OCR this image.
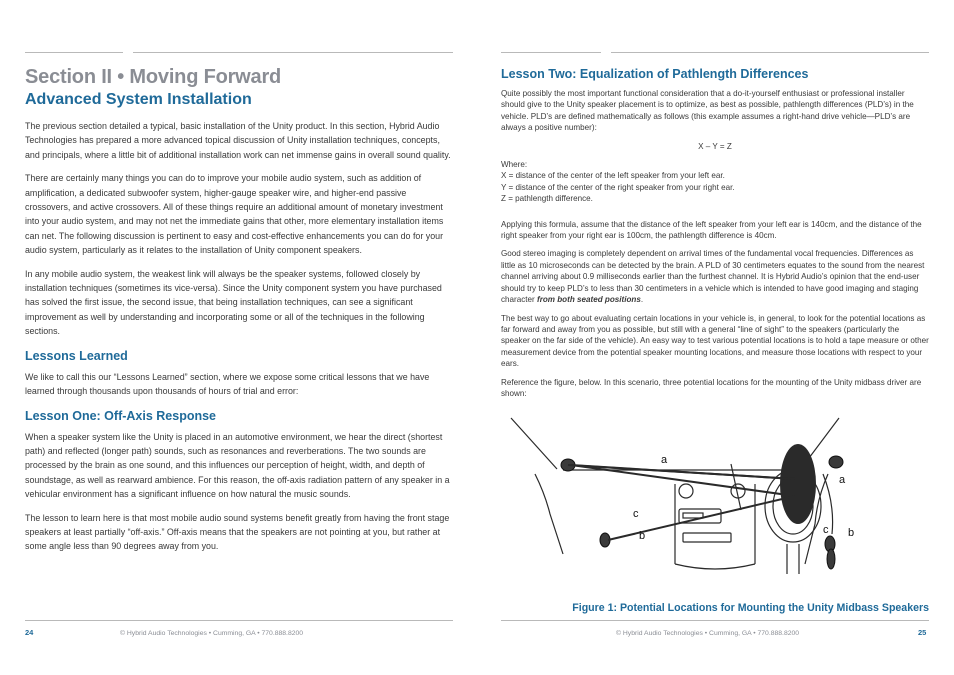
Section II • Moving Forward
Advanced System Installation

The previous section detailed a typical, basic installation of the Unity product. In this section, Hybrid Audio Technologies has prepared a more advanced topical discussion of Unity installation techniques, concepts, and principals, where a little bit of additional installation work can net immense gains in overall sound quality.

There are certainly many things you can do to improve your mobile audio system, such as addition of amplification, a dedicated subwoofer system, higher-gauge speaker wire, and higher-end passive crossovers, and active crossovers. All of these things require an additional amount of monetary investment into your audio system, and may not net the immediate gains that other, more elementary installation items can net. The following discussion is pertinent to easy and cost-effective enhancements you can do for your audio system, particularly as it relates to the installation of Unity component speakers.

In any mobile audio system, the weakest link will always be the speaker systems, followed closely by installation techniques (sometimes its vice-versa). Since the Unity component system you have purchased has solved the first issue, the second issue, that being installation techniques, can see a significant improvement as well by understanding and incorporating some or all of the techniques in the following sections.

Lessons Learned

We like to call this our “Lessons Learned” section, where we expose some critical lessons that we have learned through thousands upon thousands of hours of trial and error:

Lesson One: Off-Axis Response

When a speaker system like the Unity is placed in an automotive environment, we hear the direct (shortest path) and reflected (longer path) sounds, such as resonances and reverberations. The two sounds are processed by the brain as one sound, and this influences our perception of height, width, and depth of soundstage, as well as rearward ambience. For this reason, the off-axis radiation pattern of any speaker in a vehicular environment has a significant influence on how natural the music sounds.

The lesson to learn here is that most mobile audio sound systems benefit greatly from having the front stage speakers at least partially “off-axis.” Off-axis means that the speakers are not pointing at you, but rather at some angle less than 90 degrees away from you.

Lesson Two: Equalization of Pathlength Differences

Quite possibly the most important functional consideration that a do-it-yourself enthusiast or professional installer should give to the Unity speaker placement is to optimize, as best as possible, pathlength differences (PLD’s) in the vehicle. PLD’s are defined mathematically as follows (this example assumes a right-hand drive vehicle—PLD’s are always a positive number):

X – Y = Z

Where:

X = distance of the center of the left speaker from your left ear.

Y = distance of the center of the right speaker from your right ear.

Z = pathlength difference.

Applying this formula, assume that the distance of the left speaker from your left ear is 140cm, and the distance of the right speaker from your right ear is 100cm, the pathlength difference is 40cm.

Good stereo imaging is completely dependent on arrival times of the fundamental vocal frequencies. Differences as little as 10 microseconds can be detected by the brain. A PLD of 30 centimeters equates to the sound from the nearest channel arriving about 0.9 milliseconds earlier than the furthest channel. It is Hybrid Audio’s opinion that the end-user should try to keep PLD’s to less than 30 centimeters in a vehicle which is intended to have good imaging and staging character from both seated positions.

The best way to go about evaluating certain locations in your vehicle is, in general, to look for the potential locations as far forward and away from you as possible, but still with a general “line of sight” to the speakers (particularly the speaker on the far side of the vehicle). An easy way to test various potential locations is to hold a tape measure or other measurement device from the potential speaker mounting locations, and measure those locations with respect to your ears.

Reference the figure, below. In this scenario, three potential locations for the mounting of the Unity midbass driver are shown:

a
a
c
b	c b
Figure 1: Potential Locations for Mounting the Unity Midbass Speakers
24	© Hybrid Audio Technologies • Cumming, GA • 770.888.8200	© Hybrid Audio Technologies • Cumming, GA • 770.888.8200	25
